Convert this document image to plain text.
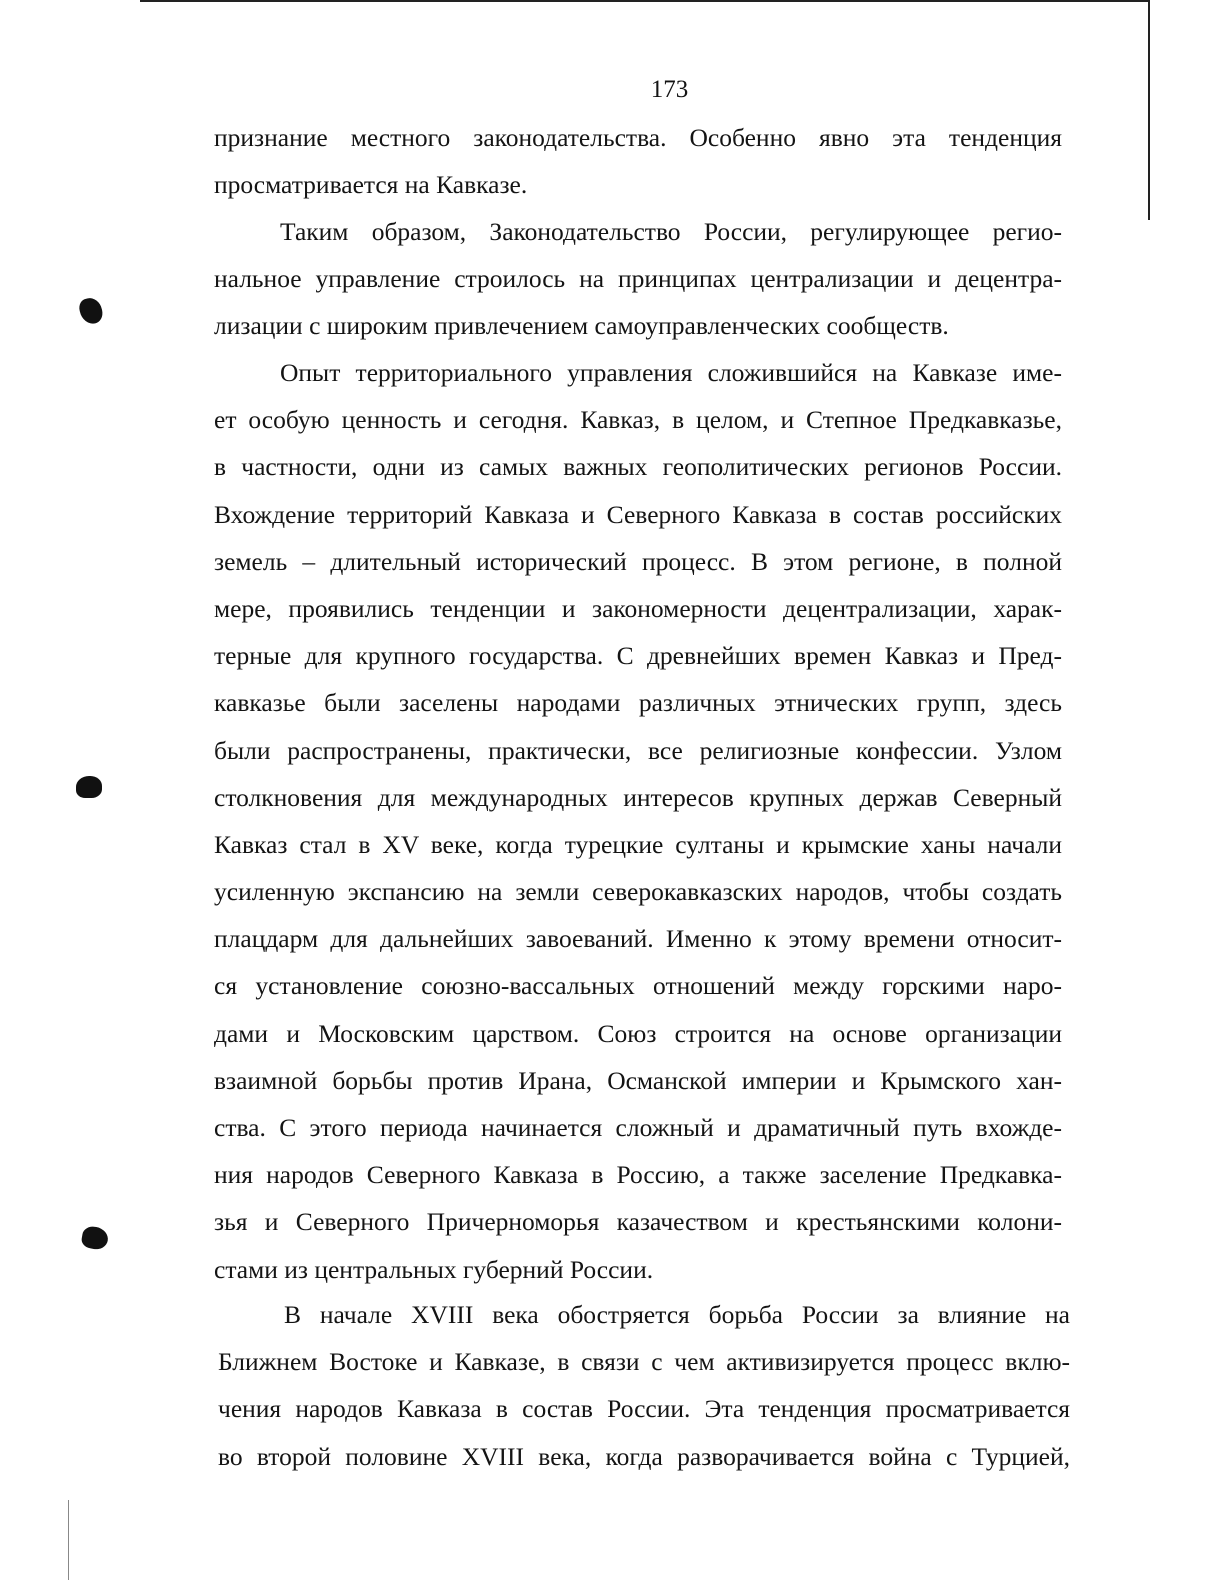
173
признание местного законодательства. Особенно явно эта тенденция
просматривается на Кавказе.
Таким образом, Законодательство России, регулирующее регио-
нальное управление строилось на принципах централизации и децентра-
лизации с широким привлечением самоуправленческих сообществ.
Опыт территориального управления сложившийся на Кавказе име-
ет особую ценность и сегодня. Кавказ, в целом, и Степное Предкавказье,
в частности, одни из самых важных геополитических регионов России.
Вхождение территорий Кавказа и Северного Кавказа в состав российских
земель – длительный исторический процесс. В этом регионе, в полной
мере, проявились тенденции и закономерности децентрализации, харак-
терные для крупного государства. С древнейших времен Кавказ и Пред-
кавказье были заселены народами различных этнических групп, здесь
были распространены, практически, все религиозные конфессии. Узлом
столкновения для международных интересов крупных держав Северный
Кавказ стал в XV веке, когда турецкие султаны и крымские ханы начали
усиленную экспансию на земли северокавказских народов, чтобы создать
плацдарм для дальнейших завоеваний. Именно к этому времени относит-
ся установление союзно-вассальных отношений между горскими наро-
дами и Московским царством. Союз строится на основе организации
взаимной борьбы против Ирана, Османской империи и Крымского хан-
ства. С этого периода начинается сложный и драматичный путь вхожде-
ния народов Северного Кавказа в Россию, а также заселение Предкавка-
зья и Северного Причерноморья казачеством и крестьянскими колони-
стами из центральных губерний России.
В начале XVIII века обостряется борьба России за влияние на
Ближнем Востоке и Кавказе, в связи с чем активизируется процесс вклю-
чения народов Кавказа в состав России. Эта тенденция просматривается
во второй половине XVIII века, когда разворачивается война с Турцией,
